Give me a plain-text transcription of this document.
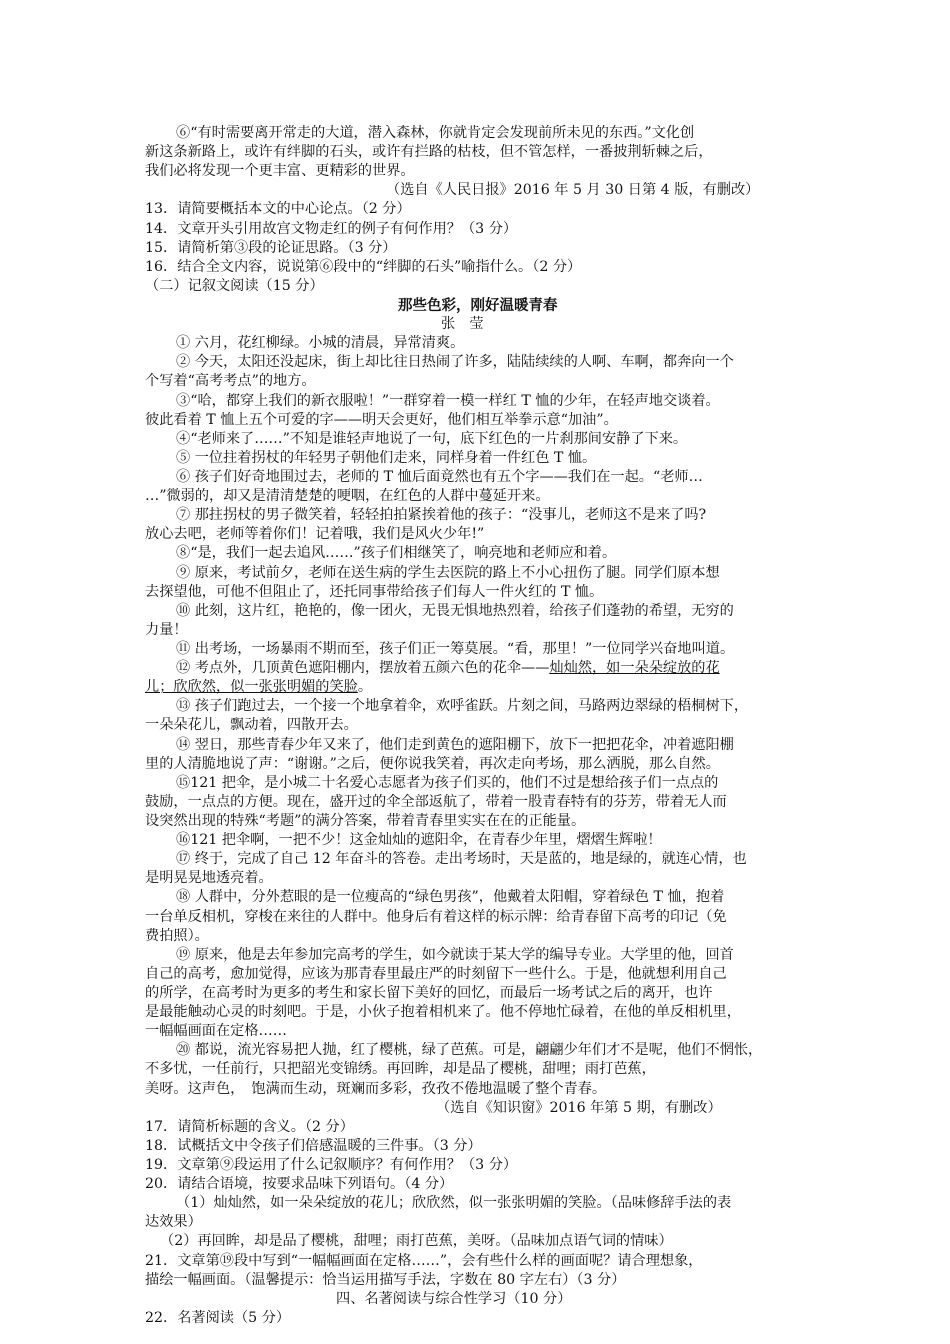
⑥“有时需要离开常走的大道，潜入森林，你就肯定会发现前所未见的东西。”文化创
新这条新路上，或许有绊脚的石头，或许有拦路的枯枝，但不管怎样，一番披荆斩棘之后，
我们必将发现一个更丰富、更精彩的世界。
（选自《人民日报》2016 年 5 月 30 日第 4 版，有删改）
13．请简要概括本文的中心论点。（2 分）
14．文章开头引用故宫文物走红的例子有何作用？（3 分）
15．请简析第③段的论证思路。（3 分）
16．结合全文内容，说说第⑥段中的“绊脚的石头”喻指什么。（2 分）
（二）记叙文阅读（15 分）
那些色彩，刚好温暖青春
张　莹
① 六月，花红柳绿。小城的清晨，异常清爽。
② 今天，太阳还没起床，街上却比往日热闹了许多，陆陆续续的人啊、车啊，都奔向一个
个写着“高考考点”的地方。
③“哈，都穿上我们的新衣服啦！”一群穿着一模一样红 T 恤的少年，在轻声地交谈着。
彼此看着 T 恤上五个可爱的字——明天会更好，他们相互举拳示意“加油”。
④“老师来了……”不知是谁轻声地说了一句，底下红色的一片刹那间安静了下来。
⑤ 一位拄着拐杖的年轻男子朝他们走来，同样身着一件红色 T 恤。
⑥ 孩子们好奇地围过去，老师的 T 恤后面竟然也有五个字——我们在一起。“老师…
…”微弱的，却又是清清楚楚的哽咽，在红色的人群中蔓延开来。
⑦ 那拄拐杖的男子微笑着，轻轻拍拍紧挨着他的孩子：“没事儿，老师这不是来了吗?
放心去吧，老师等着你们！记着哦，我们是风火少年!”
⑧“是，我们一起去追风……”孩子们相继笑了，响亮地和老师应和着。
⑨ 原来，考试前夕，老师在送生病的学生去医院的路上不小心扭伤了腿。同学们原本想
去探望他，可他不但阻止了，还托同事带给孩子们每人一件火红的 T 恤。
⑩ 此刻，这片红，艳艳的，像一团火，无畏无惧地热烈着，给孩子们蓬勃的希望，无穷的
力量！
⑪ 出考场，一场暴雨不期而至，孩子们正一筹莫展。“看，那里！”一位同学兴奋地叫道。
⑫ 考点外，几顶黄色遮阳棚内，摆放着五颜六色的花伞——灿灿然，如一朵朵绽放的花
儿；欣欣然，似一张张明媚的笑脸。
⑬ 孩子们跑过去，一个接一个地拿着伞，欢呼雀跃。片刻之间，马路两边翠绿的梧桐树下，
一朵朵花儿，飘动着，四散开去。
⑭ 翌日，那些青春少年又来了，他们走到黄色的遮阳棚下，放下一把把花伞，冲着遮阳棚
里的人清脆地说了声：“谢谢。”之后，便你说我笑着，再次走向考场，那么洒脱，那么自然。
⑮121 把伞，是小城二十名爱心志愿者为孩子们买的，他们不过是想给孩子们一点点的
鼓励，一点点的方便。现在，盛开过的伞全部返航了，带着一股青春特有的芬芳，带着无人而
设突然出现的特殊“考题”的满分答案，带着青春里实实在在的正能量。
⑯121 把伞啊，一把不少！这金灿灿的遮阳伞，在青春少年里，熠熠生辉啦！
⑰ 终于，完成了自己 12 年奋斗的答卷。走出考场时，天是蓝的，地是绿的，就连心情，也
是明晃晃地透亮着。
⑱ 人群中，分外惹眼的是一位瘦高的“绿色男孩”，他戴着太阳帽，穿着绿色 T 恤，抱着
一台单反相机，穿梭在来往的人群中。他身后有着这样的标示牌：给青春留下高考的印记（免
费拍照）。
⑲ 原来，他是去年参加完高考的学生，如今就读于某大学的编导专业。大学里的他，回首
自己的高考，愈加觉得，应该为那青春里最庄严的时刻留下一些什么。于是，他就想利用自己
的所学，在高考时为更多的考生和家长留下美好的回忆，而最后一场考试之后的离开，也许
是最能触动心灵的时刻吧。于是，小伙子抱着相机来了。他不停地忙碌着，在他的单反相机里，
一幅幅画面在定格……
⑳ 都说，流光容易把人抛，红了樱桃，绿了芭蕉。可是，翩翩少年们才不是呢，他们不惘怅，
不多忧，一任前行，只把韶光变锦绣。再回眸，却是品了樱桃，甜哩；雨打芭蕉，
美呀。这声色，　饱满而生动，斑斓而多彩，孜孜不倦地温暖了整个青春。
（选自《知识窗》2016 年第 5 期，有删改）
17．请简析标题的含义。（2 分）
18．试概括文中令孩子们倍感温暖的三件事。（3 分）
19．文章第⑨段运用了什么记叙顺序？有何作用？（3 分）
20．请结合语境，按要求品味下列语句。（4 分）
（1）灿灿然，如一朵朵绽放的花儿；欣欣然，似一张张明媚的笑脸。（品味修辞手法的表
达效果）
（2）再回眸，却是品了樱桃，甜哩；雨打芭蕉，美呀。（品味加点语气词的情味）
21．文章第⑲段中写到“一幅幅画面在定格……”，会有些什么样的画面呢？请合理想象，
描绘一幅画面。（温馨提示：恰当运用描写手法，字数在 80 字左右）（3 分）
四、名著阅读与综合性学习（10 分）
22．名著阅读（5 分）
